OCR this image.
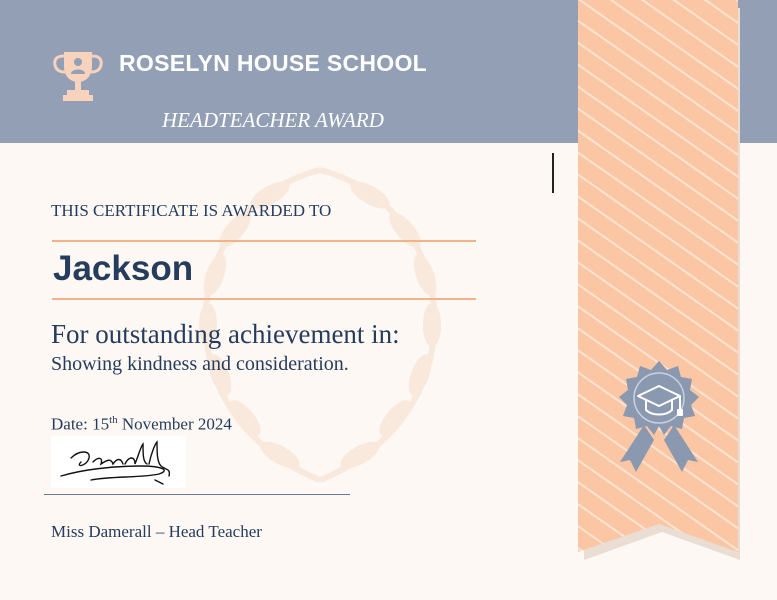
ROSELYN HOUSE SCHOOL
HEADTEACHER AWARD
THIS CERTIFICATE IS AWARDED TO
Jackson
For outstanding achievement in:
Showing kindness and consideration.
Date: 15th November 2024
Miss Damerall – Head Teacher
